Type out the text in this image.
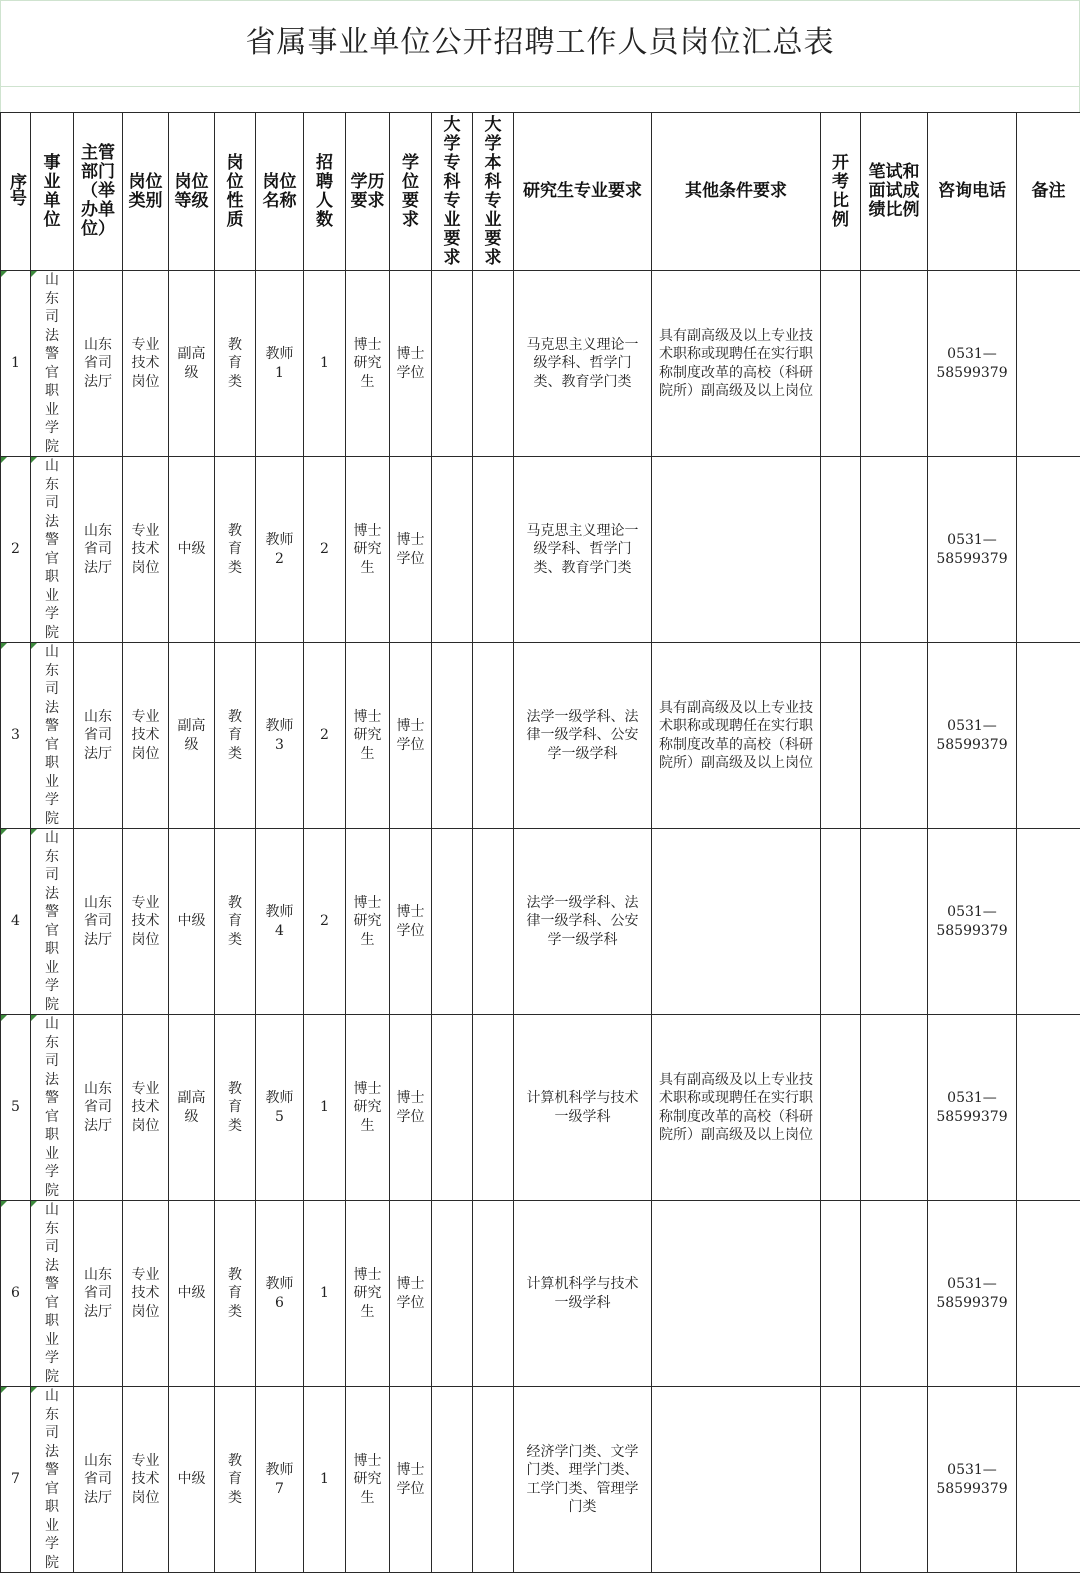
省属事业单位公开招聘工作人员岗位汇总表
序号	事业单位	主管部门（举办单位）	岗位类别	岗位等级	岗位性质	岗位名称	招聘人数	学历要求	学位要求	大学专科专业要求	大学本科专业要求	研究生专业要求	其他条件要求	开考比例	笔试和面试成绩比例	咨询电话	备注
1	山东司法警官职业学院	山东省司法厅	专业技术岗位	副高级	教育类	教师1	1	博士研究生	博士学位			马克思主义理论一级学科、哲学门类、教育学门类	具有副高级及以上专业技术职称或现聘任在实行职称制度改革的高校（科研院所）副高级及以上岗位			0531—58599379	
2	山东司法警官职业学院	山东省司法厅	专业技术岗位	中级	教育类	教师2	2	博士研究生	博士学位			马克思主义理论一级学科、哲学门类、教育学门类				0531—58599379	
3	山东司法警官职业学院	山东省司法厅	专业技术岗位	副高级	教育类	教师3	2	博士研究生	博士学位			法学一级学科、法律一级学科、公安学一级学科	具有副高级及以上专业技术职称或现聘任在实行职称制度改革的高校（科研院所）副高级及以上岗位			0531—58599379	
4	山东司法警官职业学院	山东省司法厅	专业技术岗位	中级	教育类	教师4	2	博士研究生	博士学位			法学一级学科、法律一级学科、公安学一级学科				0531—58599379	
5	山东司法警官职业学院	山东省司法厅	专业技术岗位	副高级	教育类	教师5	1	博士研究生	博士学位			计算机科学与技术一级学科	具有副高级及以上专业技术职称或现聘任在实行职称制度改革的高校（科研院所）副高级及以上岗位			0531—58599379	
6	山东司法警官职业学院	山东省司法厅	专业技术岗位	中级	教育类	教师6	1	博士研究生	博士学位			计算机科学与技术一级学科				0531—58599379	
7	山东司法警官职业学院	山东省司法厅	专业技术岗位	中级	教育类	教师7	1	博士研究生	博士学位			经济学门类、文学门类、理学门类、工学门类、管理学门类				0531—58599379	
